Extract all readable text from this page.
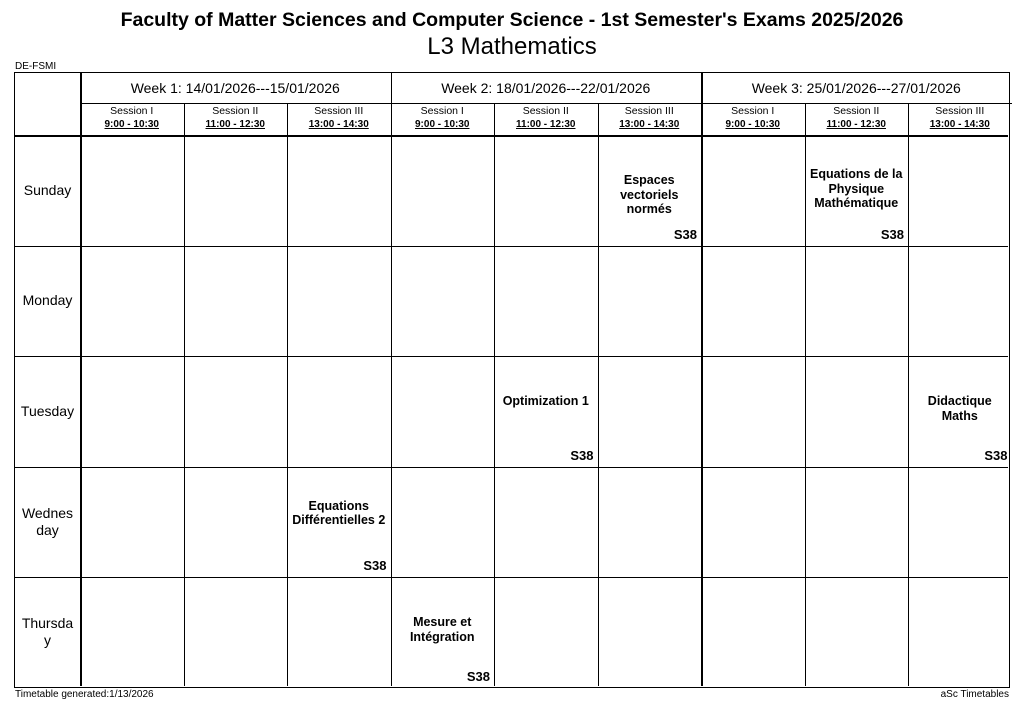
Faculty of Matter Sciences and Computer Science - 1st Semester's Exams 2025/2026
L3 Mathematics
DE-FSMI
Week 1: 14/01/2026---15/01/2026
Session I
9:00 - 10:30
Session II
11:00 - 12:30
Session III
13:00 - 14:30
Week 2: 18/01/2026---22/01/2026
Session I
9:00 - 10:30
Session II
11:00 - 12:30
Session III
13:00 - 14:30
Week 3: 25/01/2026---27/01/2026
Session I
9:00 - 10:30
Session II
11:00 - 12:30
Session III
13:00 - 14:30
Sunday
Monday
Tuesday
Wednes day
Thursda y
Espaces vectoriels normés
S38
Equations de la Physique Mathématique
S38
Optimization 1
S38
Didactique Maths
S38
Equations Différentielles 2
S38
Mesure et Intégration
S38
Timetable generated:1/13/2026	aSc Timetables
